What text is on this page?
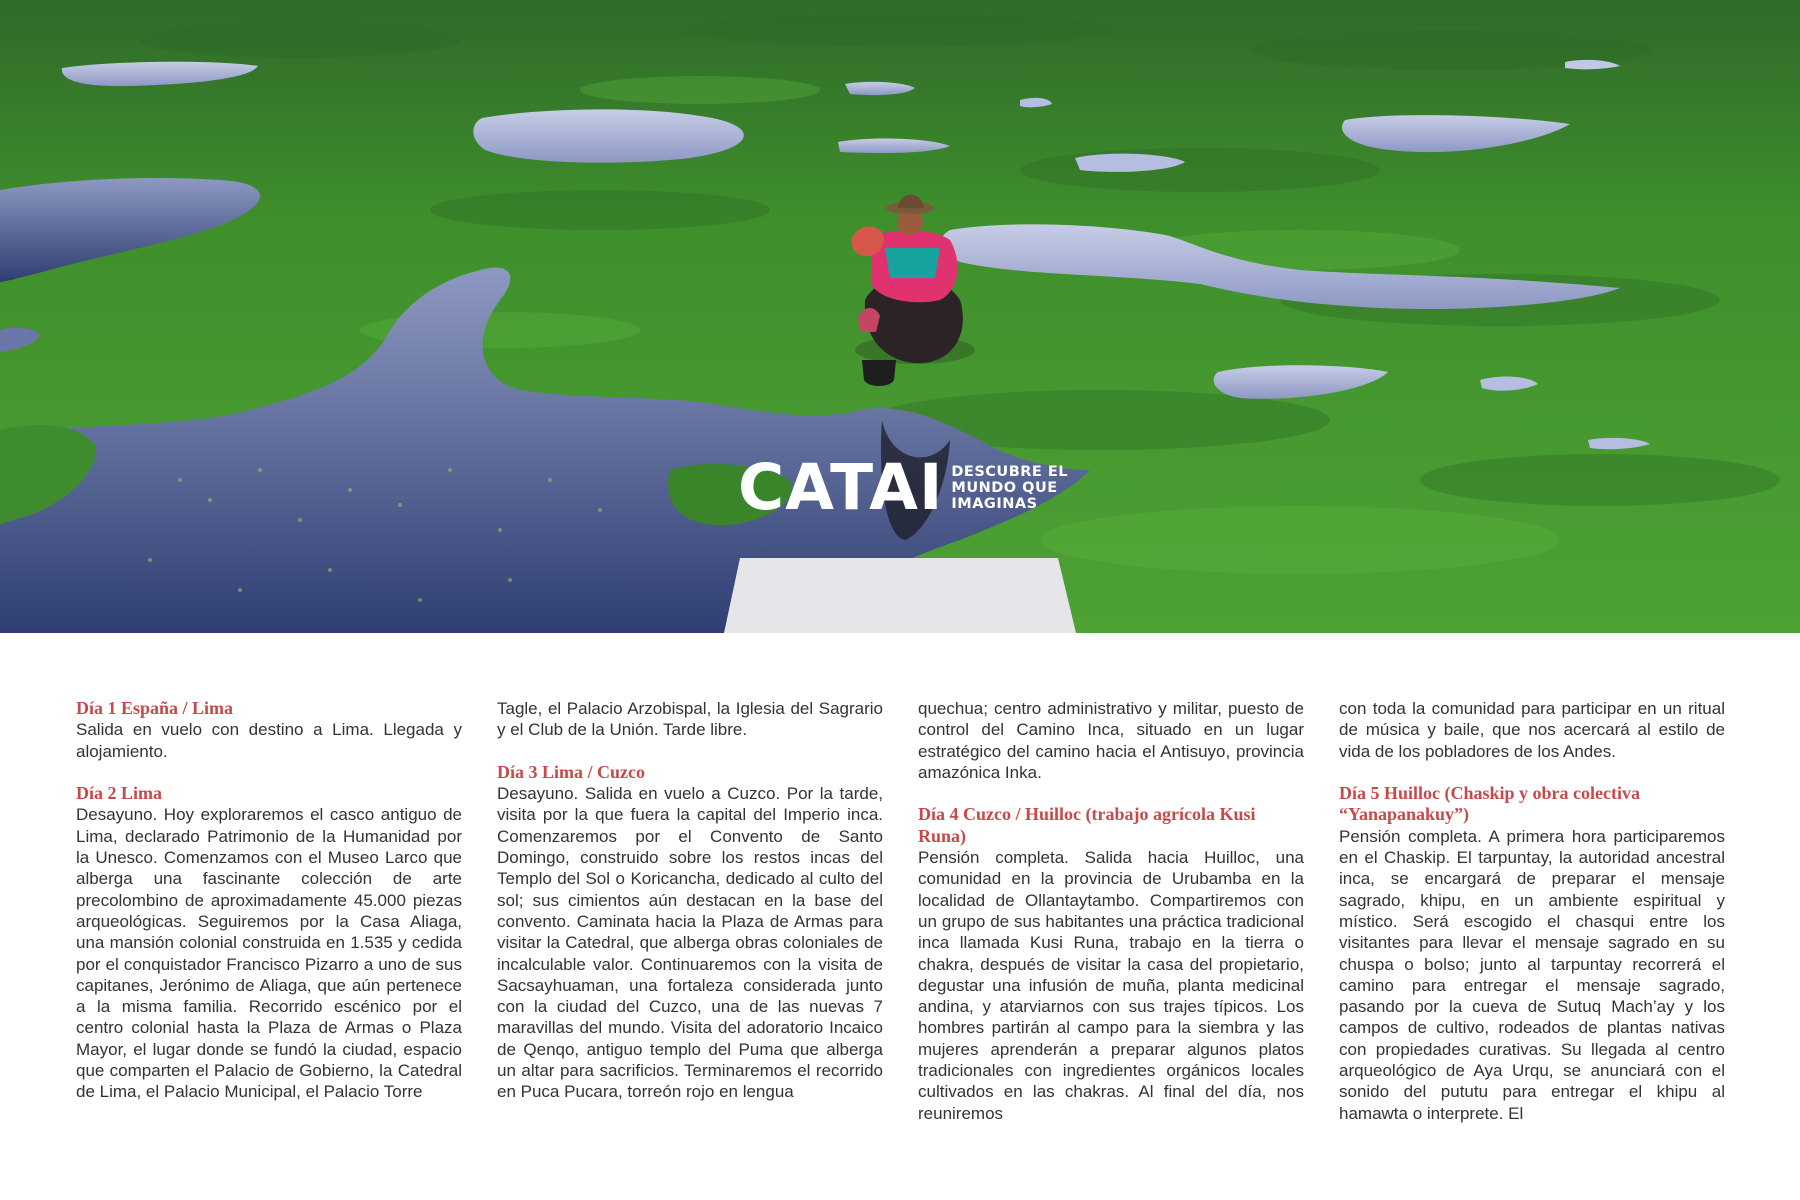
CATAI DESCUBRE EL
MUNDO QUE
IMAGINAS

Día 1 España / Lima
Salida en vuelo con destino a Lima. Llegada y alojamiento.

Día 2 Lima
Desayuno. Hoy exploraremos el casco antiguo de Lima, declarado Patrimonio de la Humanidad por la Unesco. Comenzamos con el Museo Larco que alberga una fascinante colección de arte precolombino de aproximadamente 45.000 piezas arqueológicas. Seguiremos por la Casa Aliaga, una mansión colonial construida en 1.535 y cedida por el conquistador Francisco Pizarro a uno de sus capitanes, Jerónimo de Aliaga, que aún pertenece a la misma familia. Recorrido escénico por el centro colonial hasta la Plaza de Armas o Plaza Mayor, el lugar donde se fundó la ciudad, espacio que comparten el Palacio de Gobierno, la Catedral de Lima, el Palacio Municipal, el Palacio Torre

Tagle, el Palacio Arzobispal, la Iglesia del Sagrario y el Club de la Unión. Tarde libre.

Día 3 Lima / Cuzco
Desayuno. Salida en vuelo a Cuzco. Por la tarde, visita por la que fuera la capital del Imperio inca. Comenzaremos por el Convento de Santo Domingo, construido sobre los restos incas del Templo del Sol o Koricancha, dedicado al culto del sol; sus cimientos aún destacan en la base del convento. Caminata hacia la Plaza de Armas para visitar la Catedral, que alberga obras coloniales de incalculable valor. Continuaremos con la visita de Sacsayhuaman, una fortaleza considerada junto con la ciudad del Cuzco, una de las nuevas 7 maravillas del mundo. Visita del adoratorio Incaico de Qenqo, antiguo templo del Puma que alberga un altar para sacrificios. Terminaremos el recorrido en Puca Pucara, torreón rojo en lengua

quechua; centro administrativo y militar, puesto de control del Camino Inca, situado en un lugar estratégico del camino hacia el Antisuyo, provincia amazónica Inka.

Día 4 Cuzco / Huilloc (trabajo agrícola Kusi Runa)
Pensión completa. Salida hacia Huilloc, una comunidad en la provincia de Urubamba en la localidad de Ollantaytambo. Compartiremos con un grupo de sus habitantes una práctica tradicional inca llamada Kusi Runa, trabajo en la tierra o chakra, después de visitar la casa del propietario, degustar una infusión de muña, planta medicinal andina, y atarviarnos con sus trajes típicos. Los hombres partirán al campo para la siembra y las mujeres aprenderán a preparar algunos platos tradicionales con ingredientes orgánicos locales cultivados en las chakras. Al final del día, nos reuniremos

con toda la comunidad para participar en un ritual de música y baile, que nos acercará al estilo de vida de los pobladores de los Andes.

Día 5 Huilloc (Chaskip y obra colectiva “Yanapanakuy”)
Pensión completa. A primera hora participaremos en el Chaskip. El tarpuntay, la autoridad ancestral inca, se encargará de preparar el mensaje sagrado, khipu, en un ambiente espiritual y místico. Será escogido el chasqui entre los visitantes para llevar el mensaje sagrado en su chuspa o bolso; junto al tarpuntay recorrerá el camino para entregar el mensaje sagrado, pasando por la cueva de Sutuq Mach’ay y los campos de cultivo, rodeados de plantas nativas con propiedades curativas. Su llegada al centro arqueológico de Aya Urqu, se anunciará con el sonido del pututu para entregar el khipu al hamawta o interprete. El
